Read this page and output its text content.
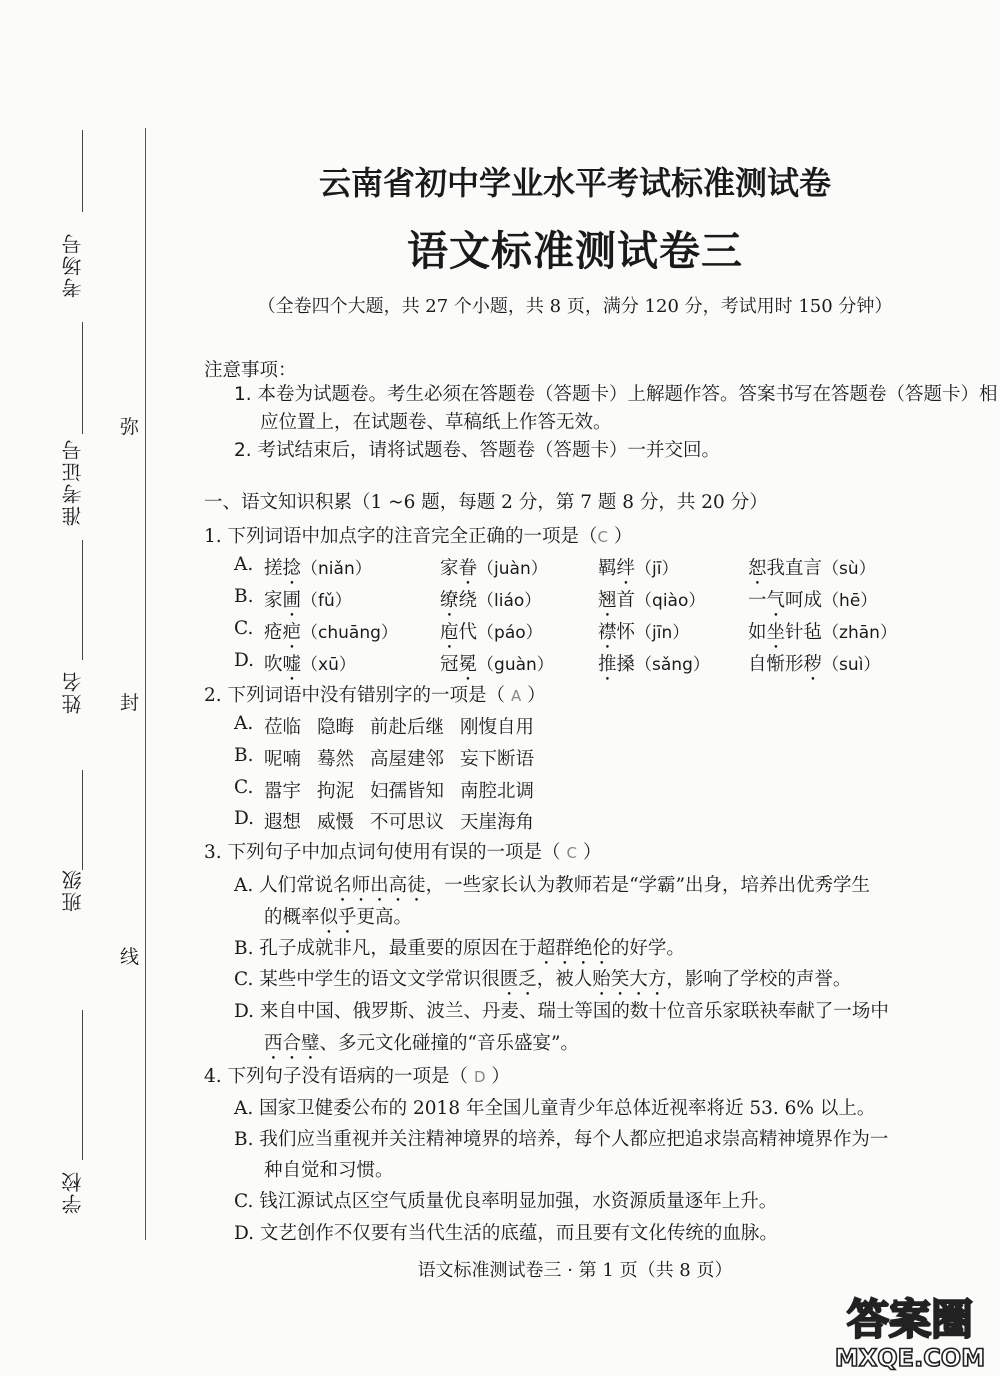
考场号
准考证号
姓名
班级
学校
弥
封
线
云南省初中学业水平考试标准测试卷
语文标准测试卷三
（全卷四个大题，共 27 个小题，共 8 页，满分 120 分，考试用时 150 分钟）
注意事项：
1. 本卷为试题卷。考生必须在答题卷（答题卡）上解题作答。答案书写在答题卷（答题卡）相
应位置上，在试题卷、草稿纸上作答无效。
2. 考试结束后，请将试题卷、答题卷（答题卡）一并交回。
一、语文知识积累（1 ~6 题，每题 2 分，第 7 题 8 分，共 20 分）
1. 下列词语中加点字的注音完全正确的一项是（C ）
A. 搓捻（niǎn）	家眷（juàn）	羁绊（jī）	恕我直言（sù）
B. 家圃（fǔ）	缭绕（liáo）	翘首（qiào） 一气呵成（hē）
C. 疮疤（chuāng） 庖代（páo）	襟怀（jīn）	如坐针毡（zhān）
D. 吹嘘（xū）	冠冕（guàn） 推搡（sǎng） 自惭形秽（suì）
2. 下列词语中没有错别字的一项是（ A ）
A. 莅临 隐晦 前赴后继 刚愎自用
B. 呢喃 蓦然 高屋建邻 妄下断语
C. 嚣宇 拘泥 妇孺皆知 南腔北调
D. 遐想 威慑 不可思议 天崖海角
3. 下列句子中加点词句使用有误的一项是（ C ）
A. 人们常说名师出高徒，一些家长认为教师若是“学霸”出身，培养出优秀学生
的概率似乎更高。
B. 孔子成就非凡，最重要的原因在于超群绝伦的好学。
C. 某些中学生的语文文学常识很匮乏，被人贻笑大方，影响了学校的声誉。
D. 来自中国、俄罗斯、波兰、丹麦、瑞士等国的数十位音乐家联袂奉献了一场中
西合璧、多元文化碰撞的“音乐盛宴”。
4. 下列句子没有语病的一项是（ D ）
A. 国家卫健委公布的 2018 年全国儿童青少年总体近视率将近 53. 6% 以上。
B. 我们应当重视并关注精神境界的培养，每个人都应把追求崇高精神境界作为一
种自觉和习惯。
C. 钱江源试点区空气质量优良率明显加强，水资源质量逐年上升。
D. 文艺创作不仅要有当代生活的底蕴，而且要有文化传统的血脉。
语文标准测试卷三 · 第 1 页（共 8 页）
答案圈
MXQE.COM
